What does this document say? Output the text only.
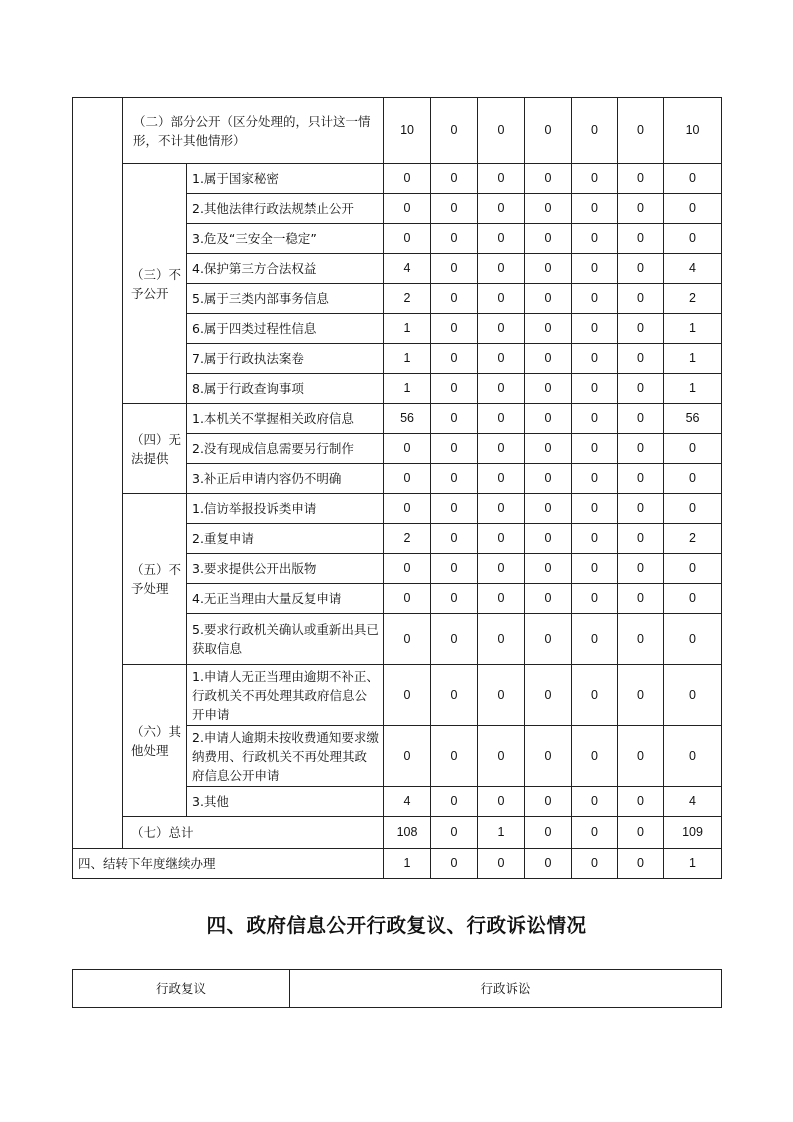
	（二）部分公开（区分处理的，只计这一情形，不计其他情形）		10	0	0	0	0	0	10
	（三）不予公开	1.属于国家秘密	0	0	0	0	0	0	0
		2.其他法律行政法规禁止公开	0	0	0	0	0	0	0
		3.危及“三安全一稳定”	0	0	0	0	0	0	0
		4.保护第三方合法权益	4	0	0	0	0	0	4
		5.属于三类内部事务信息	2	0	0	0	0	0	2
		6.属于四类过程性信息	1	0	0	0	0	0	1
		7.属于行政执法案卷	1	0	0	0	0	0	1
		8.属于行政查询事项	1	0	0	0	0	0	1
	（四）无法提供	1.本机关不掌握相关政府信息	56	0	0	0	0	0	56
		2.没有现成信息需要另行制作	0	0	0	0	0	0	0
		3.补正后申请内容仍不明确	0	0	0	0	0	0	0
	（五）不予处理	1.信访举报投诉类申请	0	0	0	0	0	0	0
		2.重复申请	2	0	0	0	0	0	2
		3.要求提供公开出版物	0	0	0	0	0	0	0
		4.无正当理由大量反复申请	0	0	0	0	0	0	0
		5.要求行政机关确认或重新出具已获取信息	0	0	0	0	0	0	0
	（六）其他处理	1.申请人无正当理由逾期不补正、行政机关不再处理其政府信息公开申请	0	0	0	0	0	0	0
		2.申请人逾期未按收费通知要求缴纳费用、行政机关不再处理其政府信息公开申请	0	0	0	0	0	0	0
		3.其他	4	0	0	0	0	0	4
	（七）总计		108	0	1	0	0	0	109
四、结转下年度继续办理			1	0	0	0	0	0	1
四、政府信息公开行政复议、行政诉讼情况
行政复议	行政诉讼
